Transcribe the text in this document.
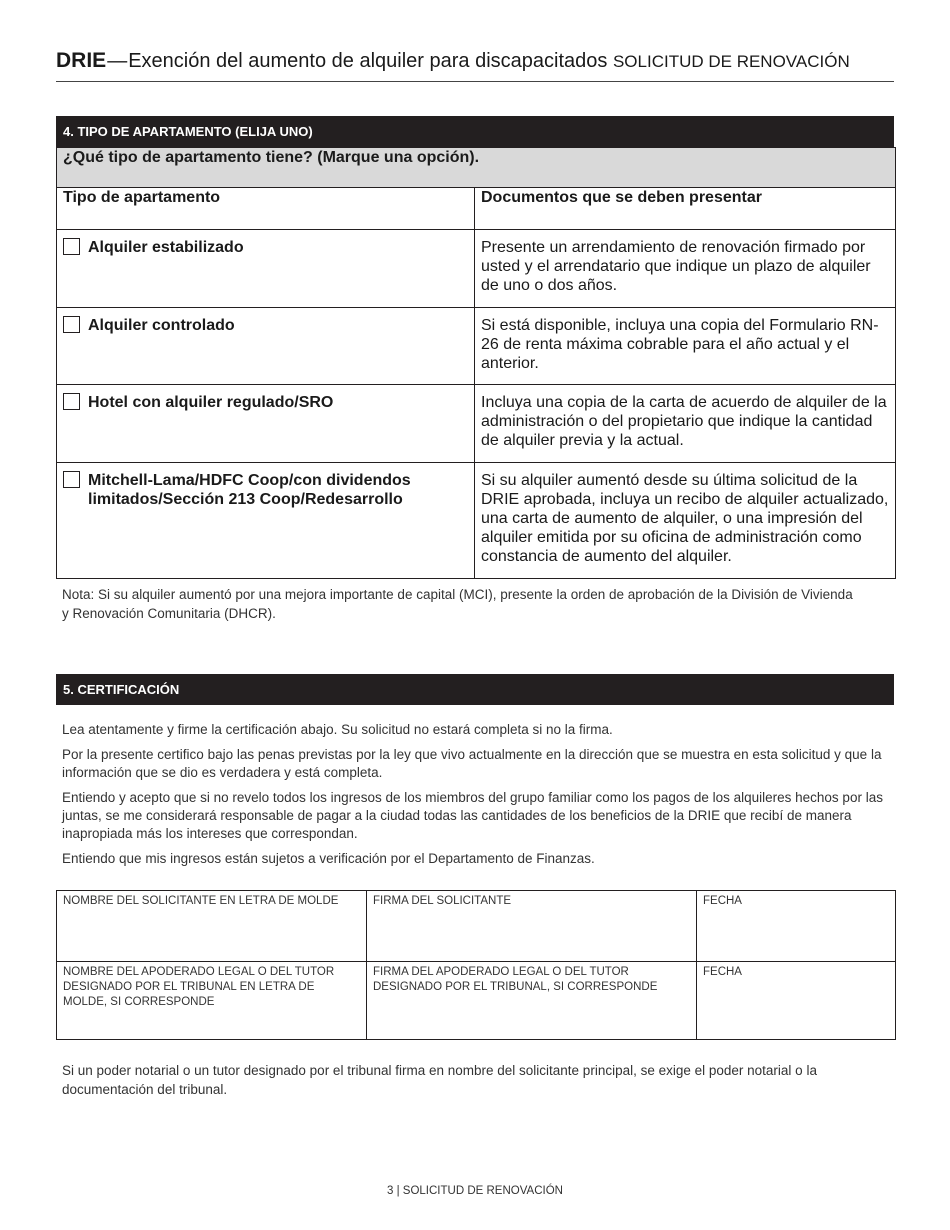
DRIE—Exención del aumento de alquiler para discapacitados SOLICITUD DE RENOVACIÓN
4. TIPO DE APARTAMENTO (ELIJA UNO)
¿Qué tipo de apartamento tiene? (Marque una opción).	
Tipo de apartamento	Documentos que se deben presentar

Alquiler estabilizado	Presente un arrendamiento de renovación firmado por usted y el arrendatario que indique un plazo de alquiler de uno o dos años.

Alquiler controlado	Si está disponible, incluya una copia del Formulario RN-26 de renta máxima cobrable para el año actual y el anterior.

Hotel con alquiler regulado/SRO	Incluya una copia de la carta de acuerdo de alquiler de la administración o del propietario que indique la cantidad de alquiler previa y la actual.

Mitchell-Lama/HDFC Coop/con dividendos limitados/Sección 213 Coop/Redesarrollo	Si su alquiler aumentó desde su última solicitud de la DRIE aprobada, incluya un recibo de alquiler actualizado, una carta de aumento de alquiler, o una impresión del alquiler emitida por su oficina de administración como constancia de aumento del alquiler.
Nota: Si su alquiler aumentó por una mejora importante de capital (MCI), presente la orden de aprobación de la División de Vivienda y Renovación Comunitaria (DHCR).
5. CERTIFICACIÓN

Lea atentamente y firme la certificación abajo. Su solicitud no estará completa si no la firma.

Por la presente certifico bajo las penas previstas por la ley que vivo actualmente en la dirección que se muestra en esta solicitud y que la información que se dio es verdadera y está completa.

Entiendo y acepto que si no revelo todos los ingresos de los miembros del grupo familiar como los pagos de los alquileres hechos por las juntas, se me considerará responsable de pagar a la ciudad todas las cantidades de los beneficios de la DRIE que recibí de manera inapropiada más los intereses que correspondan.

Entiendo que mis ingresos están sujetos a verificación por el Departamento de Finanzas.

NOMBRE DEL SOLICITANTE EN LETRA DE MOLDE	FIRMA DEL SOLICITANTE	FECHA
NOMBRE DEL APODERADO LEGAL O DEL TUTOR DESIGNADO POR EL TRIBUNAL EN LETRA DE MOLDE, SI CORRESPONDE	FIRMA DEL APODERADO LEGAL O DEL TUTOR DESIGNADO POR EL TRIBUNAL, SI CORRESPONDE	FECHA
Si un poder notarial o un tutor designado por el tribunal firma en nombre del solicitante principal, se exige el poder notarial o la documentación del tribunal.
3 | SOLICITUD DE RENOVACIÓN
